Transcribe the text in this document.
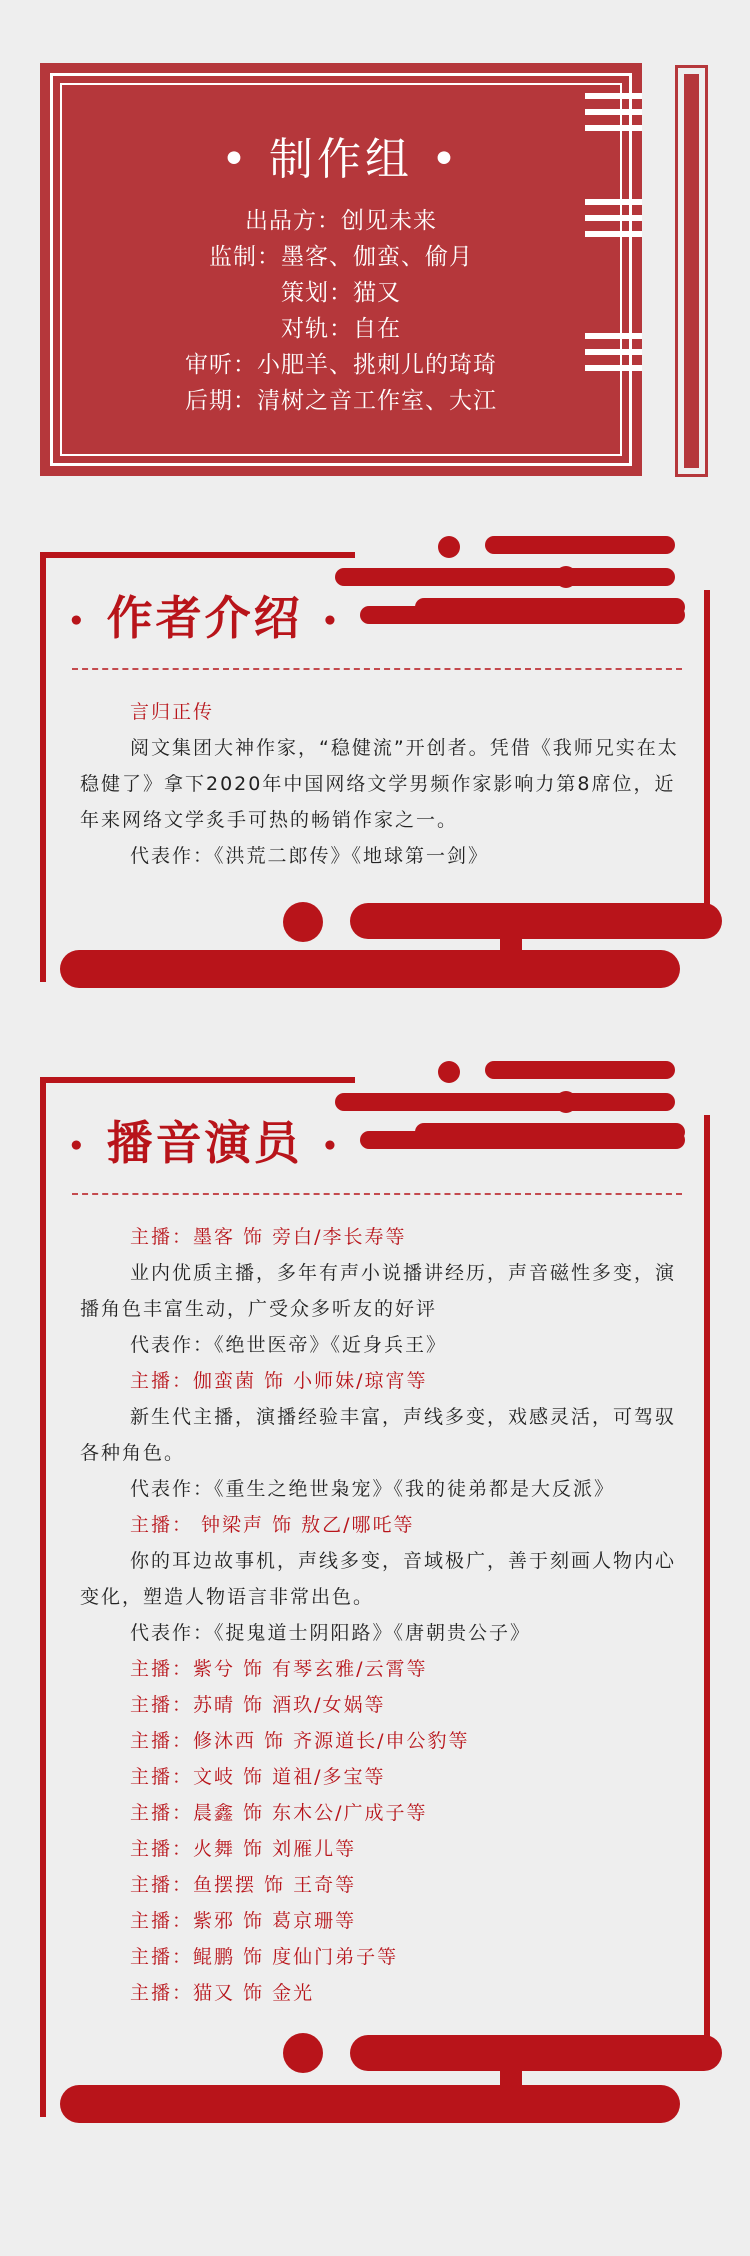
• 制作组 •
出品方：创见未来
监制：墨客、伽蛮、偷月
策划：猫又
对轨：自在
审听：小肥羊、挑刺儿的琦琦
后期：清树之音工作室、大江
• 作者介绍 •

言归正传

阅文集团大神作家，“稳健流”开创者。凭借《我师兄实在太稳健了》拿下2020年中国网络文学男频作家影响力第8席位，近年来网络文学炙手可热的畅销作家之一。

代表作：《洪荒二郎传》《地球第一剑》

• 播音演员 •

主播：墨客 饰 旁白/李长寿等

业内优质主播，多年有声小说播讲经历，声音磁性多变，演播角色丰富生动，广受众多听友的好评

代表作：《绝世医帝》《近身兵王》

主播：伽蛮菌 饰 小师妹/琼宵等

新生代主播，演播经验丰富，声线多变，戏感灵活，可驾驭各种角色。

代表作：《重生之绝世枭宠》《我的徒弟都是大反派》

主播： 钟梁声 饰 敖乙/哪吒等

你的耳边故事机，声线多变，音域极广，善于刻画人物内心变化，塑造人物语言非常出色。

代表作：《捉鬼道士阴阳路》《唐朝贵公子》

主播：紫兮 饰 有琴玄雅/云霄等

主播：苏晴 饰 酒玖/女娲等

主播：修沐西 饰 齐源道长/申公豹等

主播：文岐 饰 道祖/多宝等

主播：晨鑫 饰 东木公/广成子等

主播：火舞 饰 刘雁儿等

主播：鱼摆摆 饰 王奇等

主播：紫邪 饰 葛京珊等

主播：鲲鹏 饰 度仙门弟子等

主播：猫又 饰 金光
